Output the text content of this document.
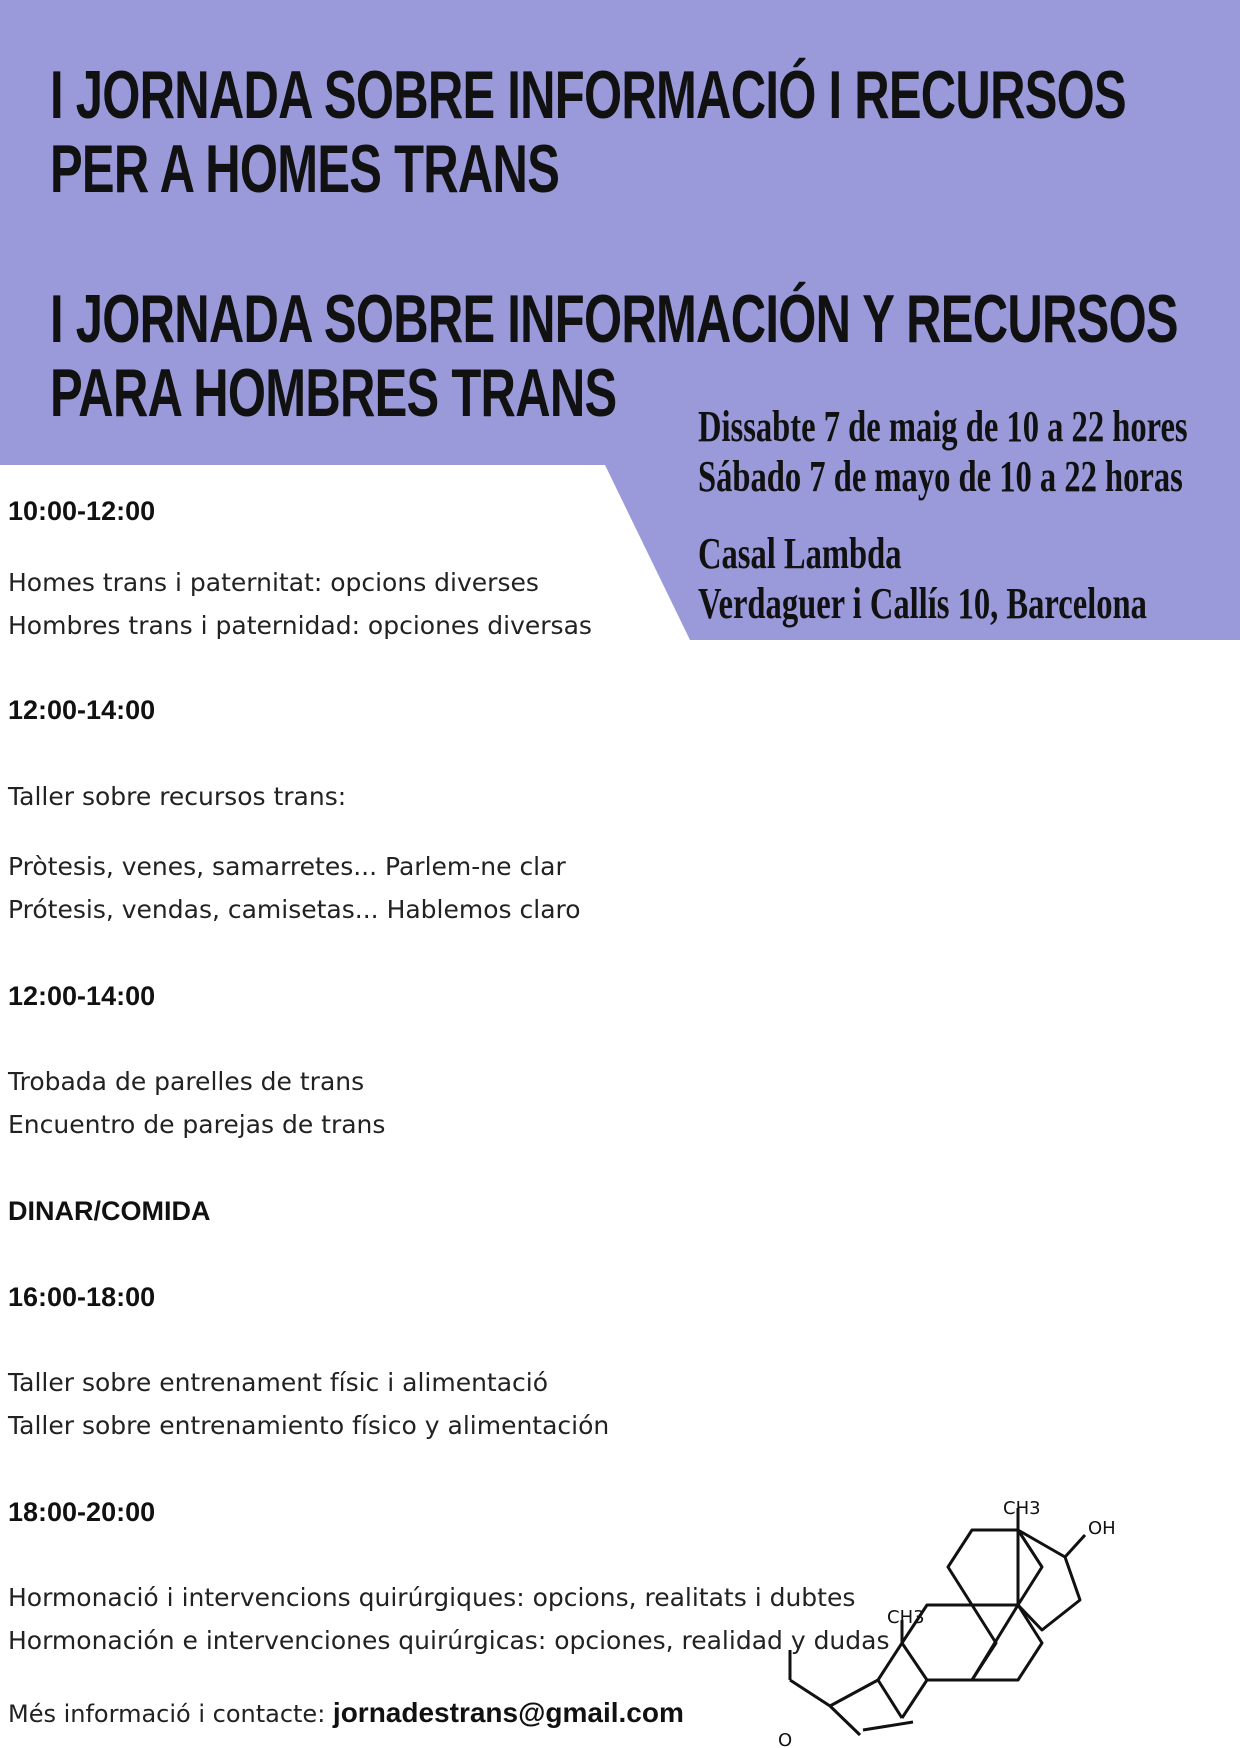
I JORNADA SOBRE INFORMACIÓ I RECURSOS

PER A HOMES TRANS

I JORNADA SOBRE INFORMACIÓN Y RECURSOS

PARA HOMBRES TRANS Dissabte 7 de maig de 10 a 22 hores

Sábado 7 de mayo de 10 a 22 horas

Casal Lambda

Verdaguer i Callís 10, Barcelona

10:00-12:00

Homes trans i paternitat: opcions diverses

Hombres trans i paternidad: opciones diversas

12:00-14:00

Taller sobre recursos trans:

Pròtesis, venes, samarretes... Parlem-ne clar

Prótesis, vendas, camisetas... Hablemos claro

12:00-14:00

Trobada de parelles de trans

Encuentro de parejas de trans

DINAR/COMIDA

16:00-18:00

Taller sobre entrenament físic i alimentació

Taller sobre entrenamiento físico y alimentación

18:00-20:00

Hormonació i intervencions quirúrgiques: opcions, realitats i dubtes

Hormonación e intervenciones quirúrgicas: opciones, realidad y dudas

Més informació i contacte: jornadestrans@gmail.com

CH3
CH3
OH
O
